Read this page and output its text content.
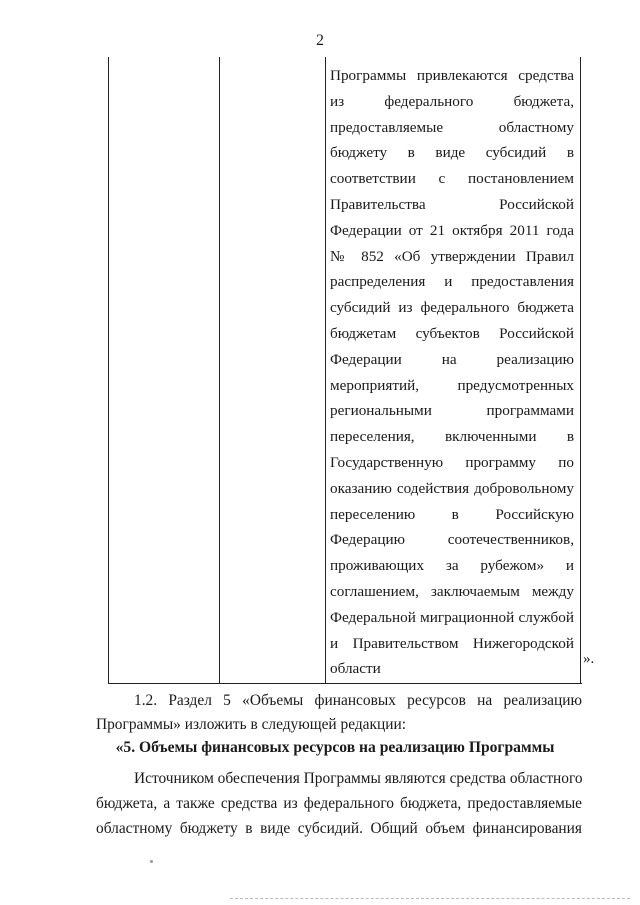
2
Программы привлекаются средства
из федерального бюджета,
предоставляемые областному
бюджету в виде субсидий в
соответствии с постановлением
Правительства Российской
Федерации от 21 октября 2011 года
№ 852 «Об утверждении Правил
распределения и предоставления
субсидий из федерального бюджета
бюджетам субъектов Российской
Федерации на реализацию
мероприятий, предусмотренных
региональными программами
переселения, включенными в
Государственную программу по
оказанию содействия добровольному
переселению в Российскую
Федерацию соотечественников,
проживающих за рубежом» и
соглашением, заключаемым между
Федеральной миграционной службой
и Правительством Нижегородской
области
».
1.2. Раздел 5 «Объемы финансовых ресурсов на реализацию
Программы» изложить в следующей редакции:
«5. Объемы финансовых ресурсов на реализацию Программы
Источником обеспечения Программы являются средства областного
бюджета, а также средства из федерального бюджета, предоставляемые
областному бюджету в виде субсидий. Общий объем финансирования
